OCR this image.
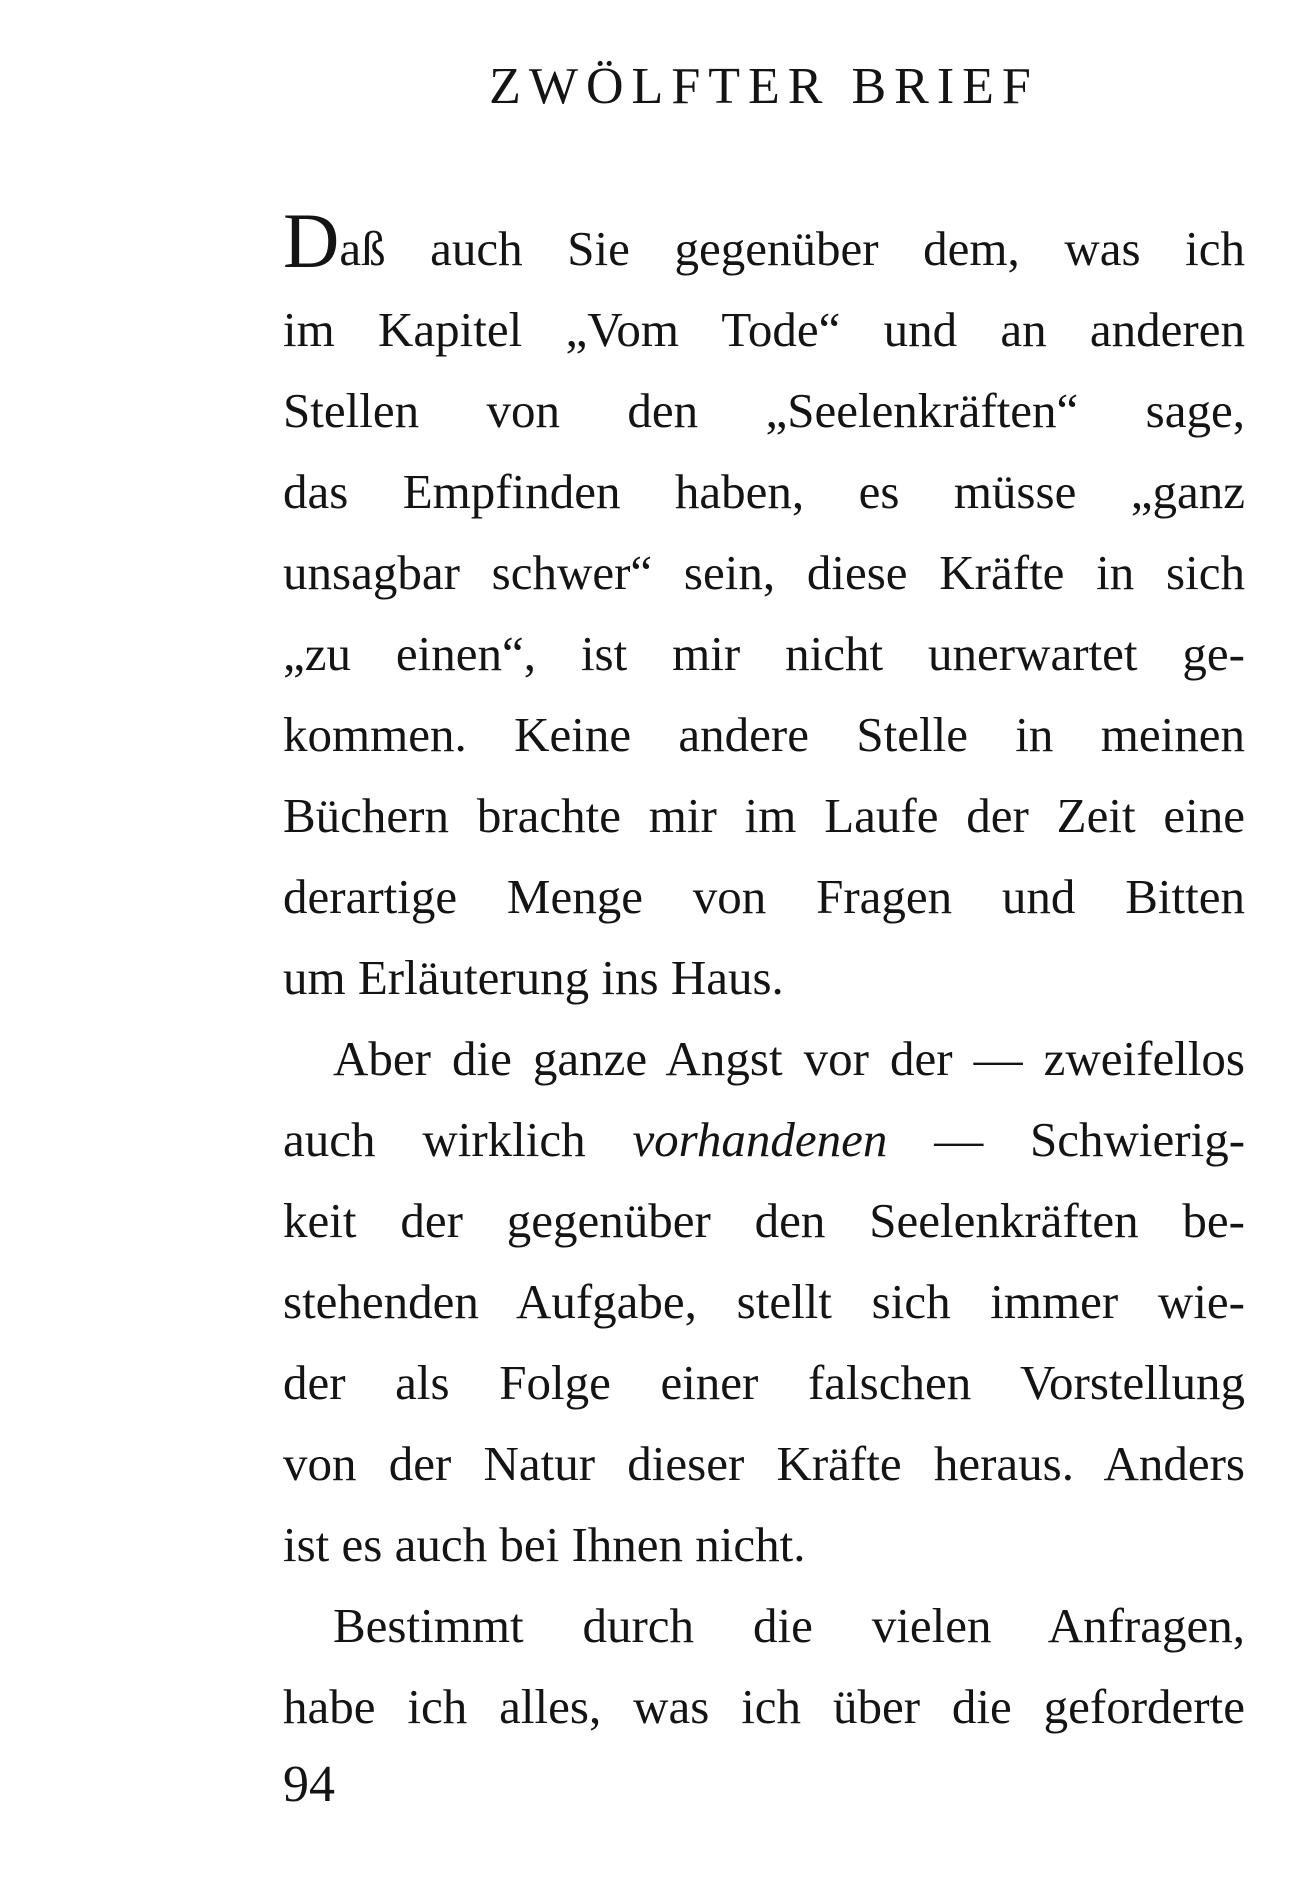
ZWÖLFTER BRIEF
Daß auch Sie gegenüber dem, was ich
im Kapitel „Vom Tode“ und an anderen
Stellen von den „Seelenkräften“ sage,
das Empfinden haben, es müsse „ganz
unsagbar schwer“ sein, diese Kräfte in sich
„zu einen“, ist mir nicht unerwartet ge-
kommen. Keine andere Stelle in meinen
Büchern brachte mir im Laufe der Zeit eine
derartige Menge von Fragen und Bitten
um Erläuterung ins Haus.
Aber die ganze Angst vor der — zweifellos
auch wirklich vorhandenen — Schwierig-
keit der gegenüber den Seelenkräften be-
stehenden Aufgabe, stellt sich immer wie-
der als Folge einer falschen Vorstellung
von der Natur dieser Kräfte heraus. Anders
ist es auch bei Ihnen nicht.
Bestimmt durch die vielen Anfragen,
habe ich alles, was ich über die geforderte
94
